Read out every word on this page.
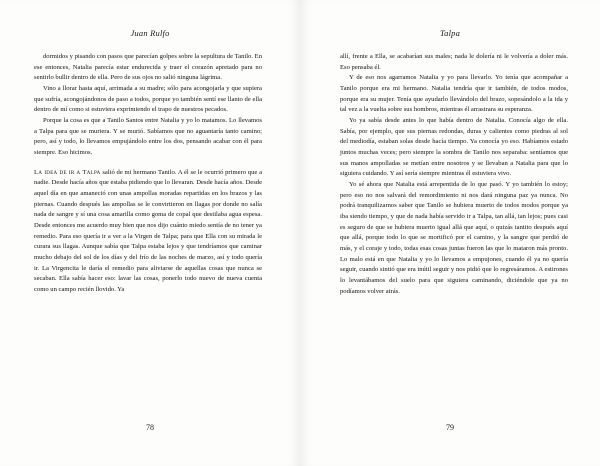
Juan Rulfo

dormidos y pisando con pasos que parecían golpes sobre la sepultura de Tanilo. En ese entonces, Natalia parecía estar endurecida y traer el corazón apretado para no sentirlo bullir dentro de ella. Pero de sus ojos no salió ninguna lágrima.

Vino a llorar hasta aquí, arrimada a su madre; sólo para acongojarla y que supiera que sufría, acongojándonos de paso a todos, porque yo también sentí ese llanto de ella dentro de mí como si estuviera exprimiendo el trapo de nuestros pecados.

Porque la cosa es que a Tanilo Santos entre Natalia y yo lo matamos. Lo llevamos a Talpa para que se muriera. Y se murió. Sabíamos que no aguantaría tanto camino; pero, así y todo, lo llevamos empujándolo entre los dos, pensando acabar con él para siempre. Eso hicimos.

La idea de ir a Talpa salió de mi hermano Tanilo. A él se le ocurrió primero que a nadie. Desde hacía años que estaba pidiendo que lo llevaran. Desde hacía años. Desde aquel día en que amaneció con unas ampollas moradas repartidas en los brazos y las piernas. Cuando después las ampollas se le convirtieron en llagas por donde no salía nada de sangre y sí una cosa amarilla como goma de copal que destilaba agua espesa. Desde entonces me acuerdo muy bien que nos dijo cuánto miedo sentía de no tener ya remedio. Para eso quería ir a ver a la Virgen de Talpa; para que Ella con su mirada le curara sus llagas. Aunque sabía que Talpa estaba lejos y que tendríamos que caminar mucho debajo del sol de los días y del frío de las noches de marzo, así y todo quería ir. La Virgencita le daría el remedio para aliviarse de aquellas cosas que nunca se secaban. Ella sabía hacer eso: lavar las cosas, ponerlo todo nuevo de nueva cuenta como un campo recién llovido. Ya

78
Talpa

allí, frente a Ella, se acabarían sus males; nada le dolería ni le volvería a doler más. Eso pensaba él.

Y de eso nos agarramos Natalia y yo para llevarlo. Yo tenía que acompañar a Tanilo porque era mi hermano. Natalia tendría que ir también, de todos modos, porque era su mujer. Tenía que ayudarlo llevándolo del brazo, sopesándolo a la ida y tal vez a la vuelta sobre sus hombros, mientras él arrastrara su esperanza.

Yo ya sabía desde antes lo que había dentro de Natalia. Conocía algo de ella. Sabía, por ejemplo, que sus piernas redondas, duras y calientes como piedras al sol del mediodía, estaban solas desde hacía tiempo. Ya conocía yo eso. Habíamos estado juntos muchas veces; pero siempre la sombra de Tanilo nos separaba: sentíamos que sus manos ampolladas se metían entre nosotros y se llevaban a Natalia para que lo siguiera cuidando. Y así sería siempre mientras él estuviera vivo.

Yo sé ahora que Natalia está arrepentida de lo que pasó. Y yo también lo estoy; pero eso no nos salvará del remordimiento ni nos dará ninguna paz ya nunca. No podrá tranquilizarnos saber que Tanilo se hubiera muerto de todos modos porque ya iba siendo tiempo, y que de nada había servido ir a Talpa, tan allá, tan lejos; pues casi es seguro de que se hubiera muerto igual allá que aquí, o quizás tantito después aquí que allá, porque todo lo que se mortificó por el camino, y la sangre que perdió de más, y el coraje y todo, todas esas cosas juntas fueron las que lo mataron más pronto. Lo malo está en que Natalia y yo lo llevamos a empujones, cuando él ya no quería seguir, cuando sintió que era inútil seguir y nos pidió que lo regresáramos. A estirones lo levantábamos del suelo para que siguiera caminando, diciéndole que ya no podíamos volver atrás.

79
